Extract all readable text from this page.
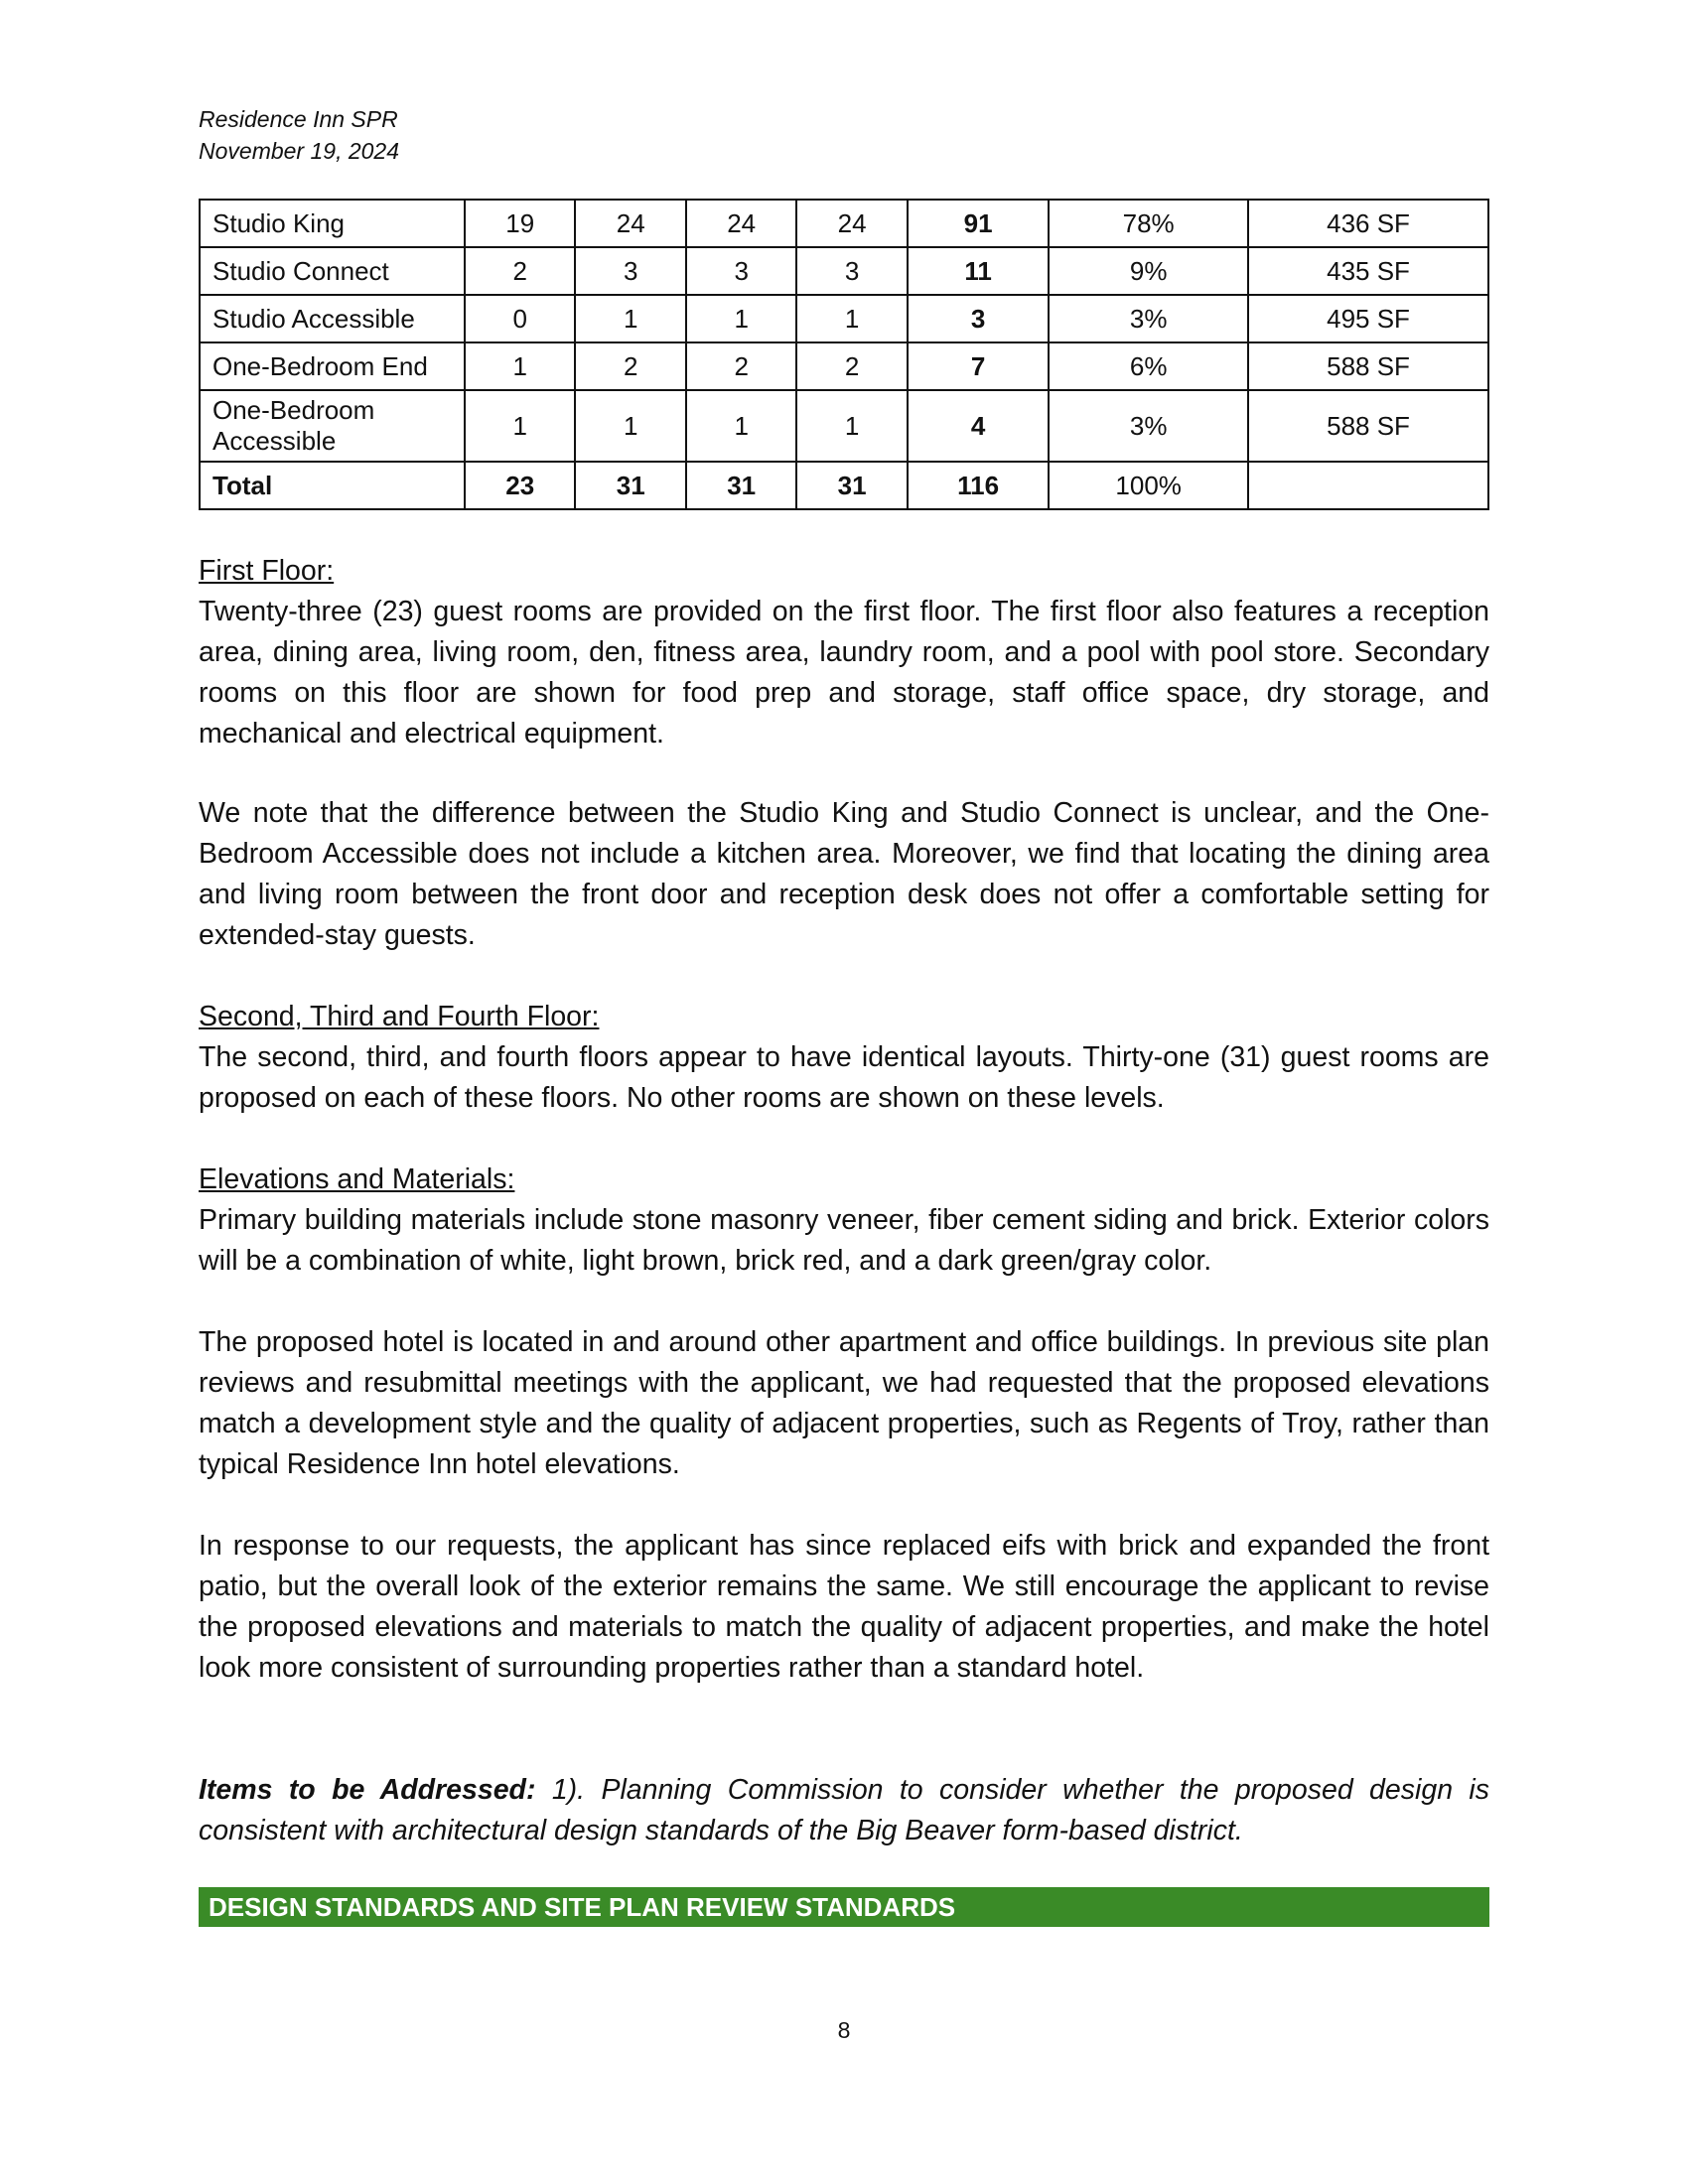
Residence Inn SPR
November 19, 2024
Studio King	19	24	24	24	91	78%	436 SF
Studio Connect	2	3	3	3	11	9%	435 SF
Studio Accessible	0	1	1	1	3	3%	495 SF
One-Bedroom End	1	2	2	2	7	6%	588 SF
One-Bedroom Accessible	1	1	1	1	4	3%	588 SF
Total	23	31	31	31	116	100%	
First Floor:
Twenty-three (23) guest rooms are provided on the first floor. The first floor also features a reception area, dining area, living room, den, fitness area, laundry room, and a pool with pool store. Secondary rooms on this floor are shown for food prep and storage, staff office space, dry storage, and mechanical and electrical equipment.
We note that the difference between the Studio King and Studio Connect is unclear, and the One-Bedroom Accessible does not include a kitchen area. Moreover, we find that locating the dining area and living room between the front door and reception desk does not offer a comfortable setting for extended-stay guests.
Second, Third and Fourth Floor:
The second, third, and fourth floors appear to have identical layouts. Thirty-one (31) guest rooms are proposed on each of these floors. No other rooms are shown on these levels.
Elevations and Materials:
Primary building materials include stone masonry veneer, fiber cement siding and brick. Exterior colors will be a combination of white, light brown, brick red, and a dark green/gray color.
The proposed hotel is located in and around other apartment and office buildings. In previous site plan reviews and resubmittal meetings with the applicant, we had requested that the proposed elevations match a development style and the quality of adjacent properties, such as Regents of Troy, rather than typical Residence Inn hotel elevations.
In response to our requests, the applicant has since replaced eifs with brick and expanded the front patio, but the overall look of the exterior remains the same. We still encourage the applicant to revise the proposed elevations and materials to match the quality of adjacent properties, and make the hotel look more consistent of surrounding properties rather than a standard hotel.
Items to be Addressed: 1). Planning Commission to consider whether the proposed design is consistent with architectural design standards of the Big Beaver form-based district.
DESIGN STANDARDS AND SITE PLAN REVIEW STANDARDS
8
